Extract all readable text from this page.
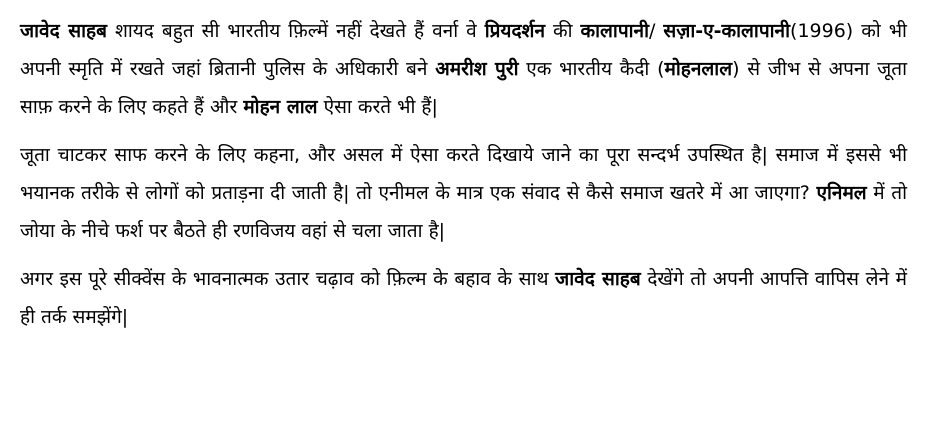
जावेद साहब शायद बहुत सी भारतीय फ़िल्में नहीं देखते हैं वर्ना वे प्रियदर्शन की कालापानी/ सज़ा-ए-कालापानी(1996) को भी अपनी स्मृति में रखते जहां ब्रितानी पुलिस के अधिकारी बने अमरीश पुरी एक भारतीय कैदी (मोहनलाल) से जीभ से अपना जूता साफ़ करने के लिए कहते हैं और मोहन लाल ऐसा करते भी हैं|

जूता चाटकर साफ करने के लिए कहना, और असल में ऐसा करते दिखाये जाने का पूरा सन्दर्भ उपस्थित है| समाज में इससे भी भयानक तरीके से लोगों को प्रताड़ना दी जाती है| तो एनीमल के मात्र एक संवाद से कैसे समाज खतरे में आ जाएगा? एनिमल में तो जोया के नीचे फर्श पर बैठते ही रणविजय वहां से चला जाता है|

अगर इस पूरे सीक्वेंस के भावनात्मक उतार चढ़ाव को फ़िल्म के बहाव के साथ जावेद साहब देखेंगे तो अपनी आपत्ति वापिस लेने में ही तर्क समझेंगे|
